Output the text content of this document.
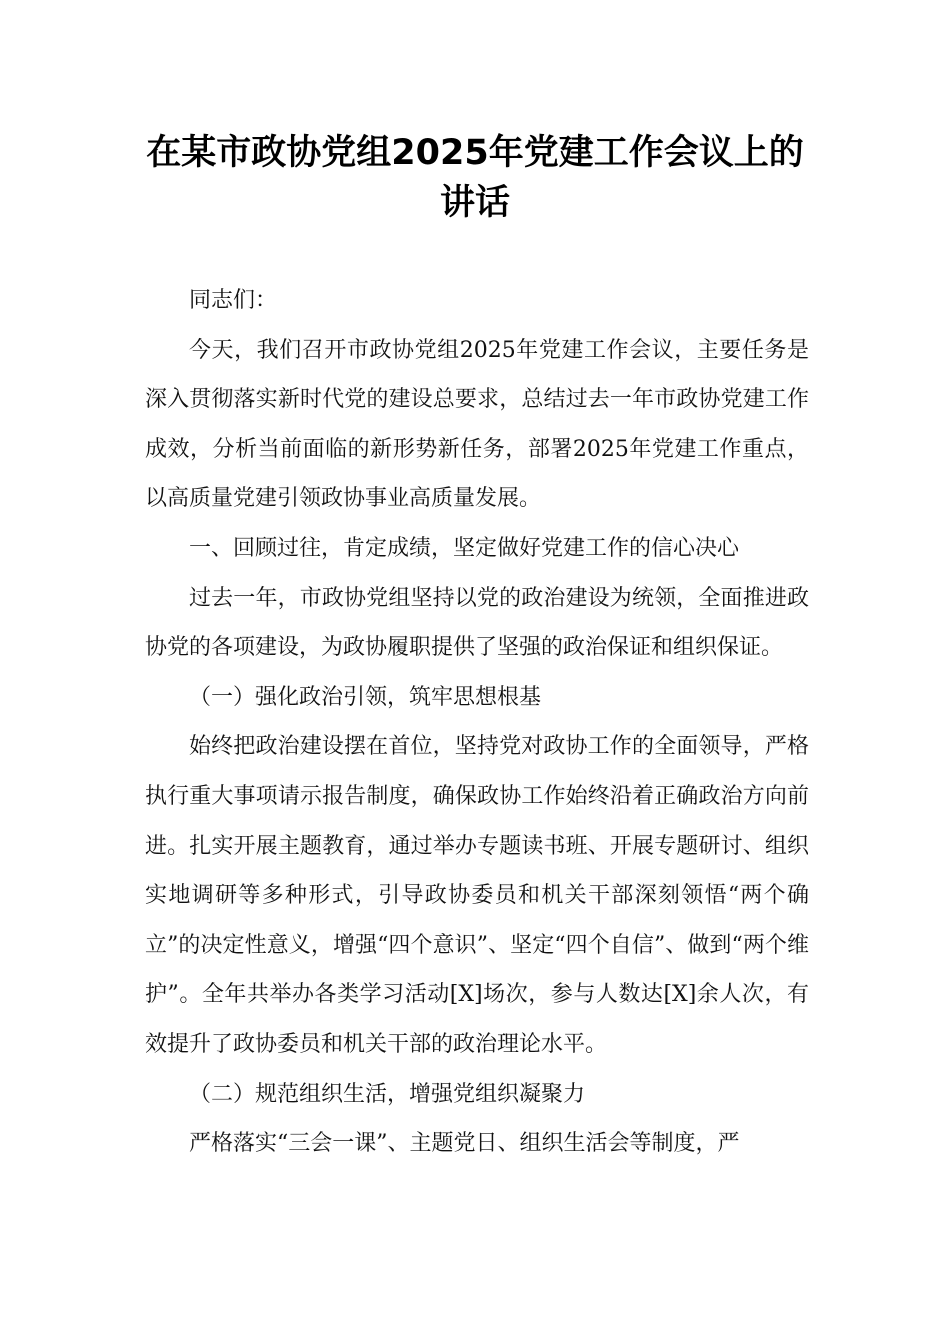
在某市政协党组2025年党建工作会议上的讲话

同志们：

今天，我们召开市政协党组2025年党建工作会议，主要任务是深入贯彻落实新时代党的建设总要求，总结过去一年市政协党建工作成效，分析当前面临的新形势新任务，部署2025年党建工作重点，以高质量党建引领政协事业高质量发展。

一、回顾过往，肯定成绩，坚定做好党建工作的信心决心

过去一年，市政协党组坚持以党的政治建设为统领，全面推进政协党的各项建设，为政协履职提供了坚强的政治保证和组织保证。

（一）强化政治引领，筑牢思想根基

始终把政治建设摆在首位，坚持党对政协工作的全面领导，严格执行重大事项请示报告制度，确保政协工作始终沿着正确政治方向前进。扎实开展主题教育，通过举办专题读书班、开展专题研讨、组织实地调研等多种形式，引导政协委员和机关干部深刻领悟“两个确立”的决定性意义，增强“四个意识”、坚定“四个自信”、做到“两个维护”。全年共举办各类学习活动[X]场次，参与人数达[X]余人次，有效提升了政协委员和机关干部的政治理论水平。

（二）规范组织生活，增强党组织凝聚力

严格落实“三会一课”、主题党日、组织生活会等制度，严
